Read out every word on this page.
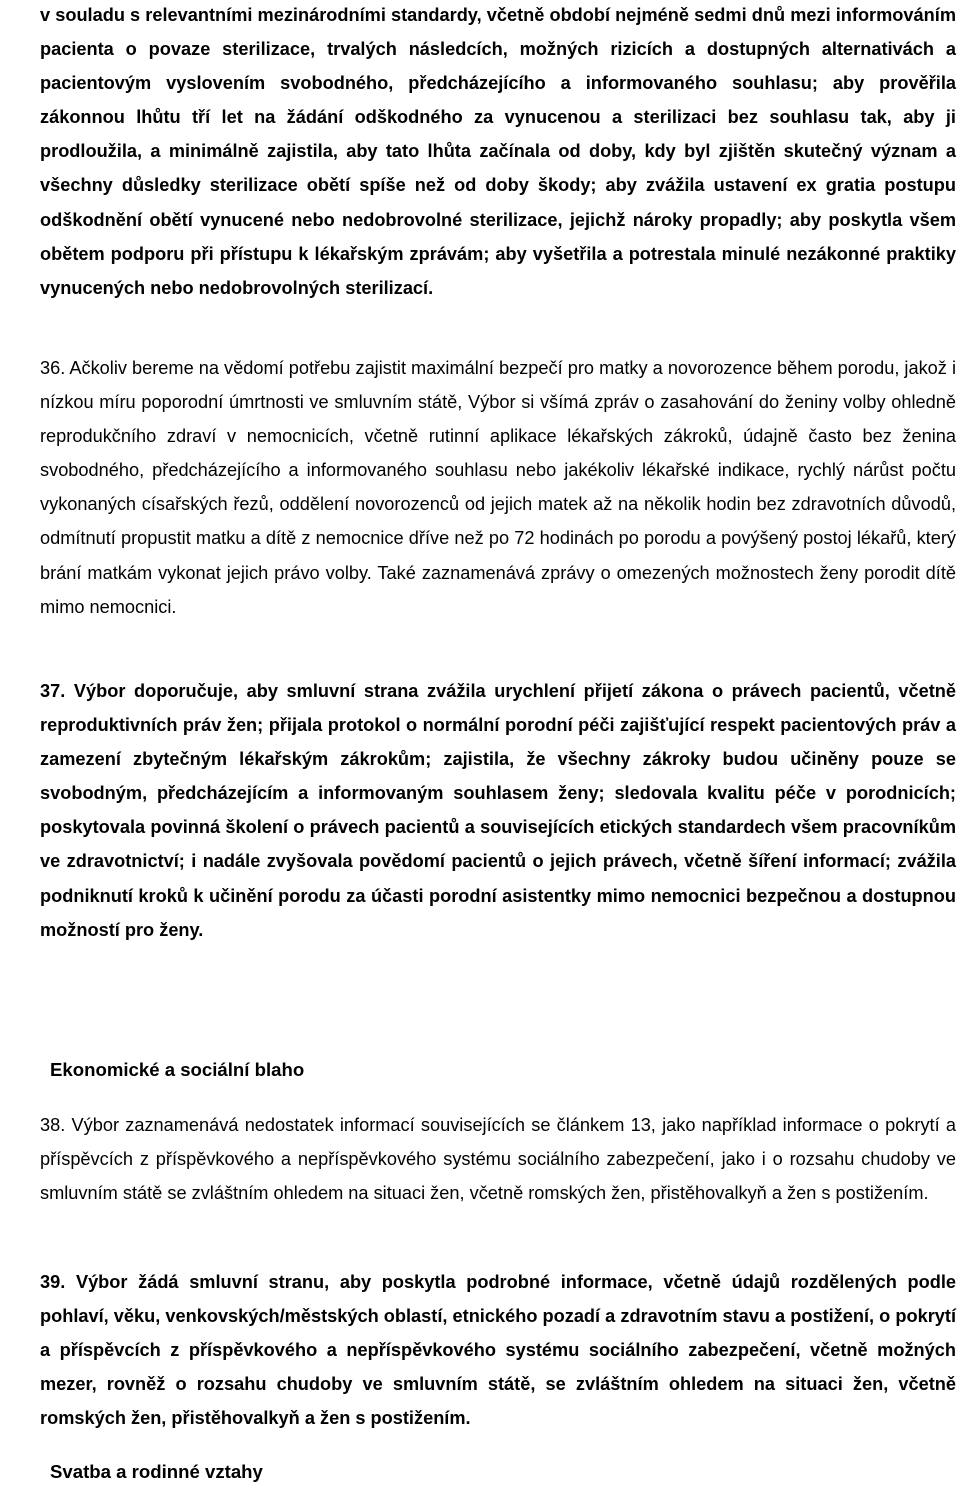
v souladu s relevantními mezinárodními standardy, včetně období nejméně sedmi dnů mezi informováním pacienta o povaze sterilizace, trvalých následcích, možných rizicích a dostupných alternativách a pacientovým vyslovením svobodného, předcházejícího a informovaného souhlasu; aby prověřila zákonnou lhůtu tří let na žádání odškodného za vynucenou a sterilizaci bez souhlasu tak, aby ji prodloužila, a minimálně zajistila, aby tato lhůta začínala od doby, kdy byl zjištěn skutečný význam a všechny důsledky sterilizace obětí spíše než od doby škody; aby zvážila ustavení ex gratia postupu odškodnění obětí vynucené nebo nedobrovolné sterilizace, jejichž nároky propadly; aby poskytla všem obětem podporu při přístupu k lékařským zprávám; aby vyšetřila a potrestala minulé nezákonné praktiky vynucených nebo nedobrovolných sterilizací.

36. Ačkoliv bereme na vědomí potřebu zajistit maximální bezpečí pro matky a novorozence během porodu, jakož i nízkou míru poporodní úmrtnosti ve smluvním státě, Výbor si všímá zpráv o zasahování do ženiny volby ohledně reprodukčního zdraví v nemocnicích, včetně rutinní aplikace lékařských zákroků, údajně často bez ženina svobodného, předcházejícího a informovaného souhlasu nebo jakékoliv lékařské indikace, rychlý nárůst počtu vykonaných císařských řezů, oddělení novorozenců od jejich matek až na několik hodin bez zdravotních důvodů, odmítnutí propustit matku a dítě z nemocnice dříve než po 72 hodinách po porodu a povýšený postoj lékařů, který brání matkám vykonat jejich právo volby. Také zaznamenává zprávy o omezených možnostech ženy porodit dítě mimo nemocnici.

37. Výbor doporučuje, aby smluvní strana zvážila urychlení přijetí zákona o právech pacientů, včetně reproduktivních práv žen; přijala protokol o normální porodní péči zajišťující respekt pacientových práv a zamezení zbytečným lékařským zákrokům; zajistila, že všechny zákroky budou učiněny pouze se svobodným, předcházejícím a informovaným souhlasem ženy; sledovala kvalitu péče v porodnicích; poskytovala povinná školení o právech pacientů a souvisejících etických standardech všem pracovníkům ve zdravotnictví; i nadále zvyšovala povědomí pacientů o jejich právech, včetně šíření informací; zvážila podniknutí kroků k učinění porodu za účasti porodní asistentky mimo nemocnici bezpečnou a dostupnou možností pro ženy.

38. Výbor zaznamenává nedostatek informací souvisejících se článkem 13, jako například informace o pokrytí a příspěvcích z příspěvkového a nepříspěvkového systému sociálního zabezpečení, jako i o rozsahu chudoby ve smluvním státě se zvláštním ohledem na situaci žen, včetně romských žen, přistěhovalkyň a žen s postižením.

39. Výbor žádá smluvní stranu, aby poskytla podrobné informace, včetně údajů rozdělených podle pohlaví, věku, venkovských/městských oblastí, etnického pozadí a zdravotním stavu a postižení, o pokrytí a příspěvcích z příspěvkového a nepříspěvkového systému sociálního zabezpečení, včetně možných mezer, rovněž o rozsahu chudoby ve smluvním státě, se zvláštním ohledem na situaci žen, včetně romských žen, přistěhovalkyň a žen s postižením.

Ekonomické a sociální blaho
Svatba a rodinné vztahy
